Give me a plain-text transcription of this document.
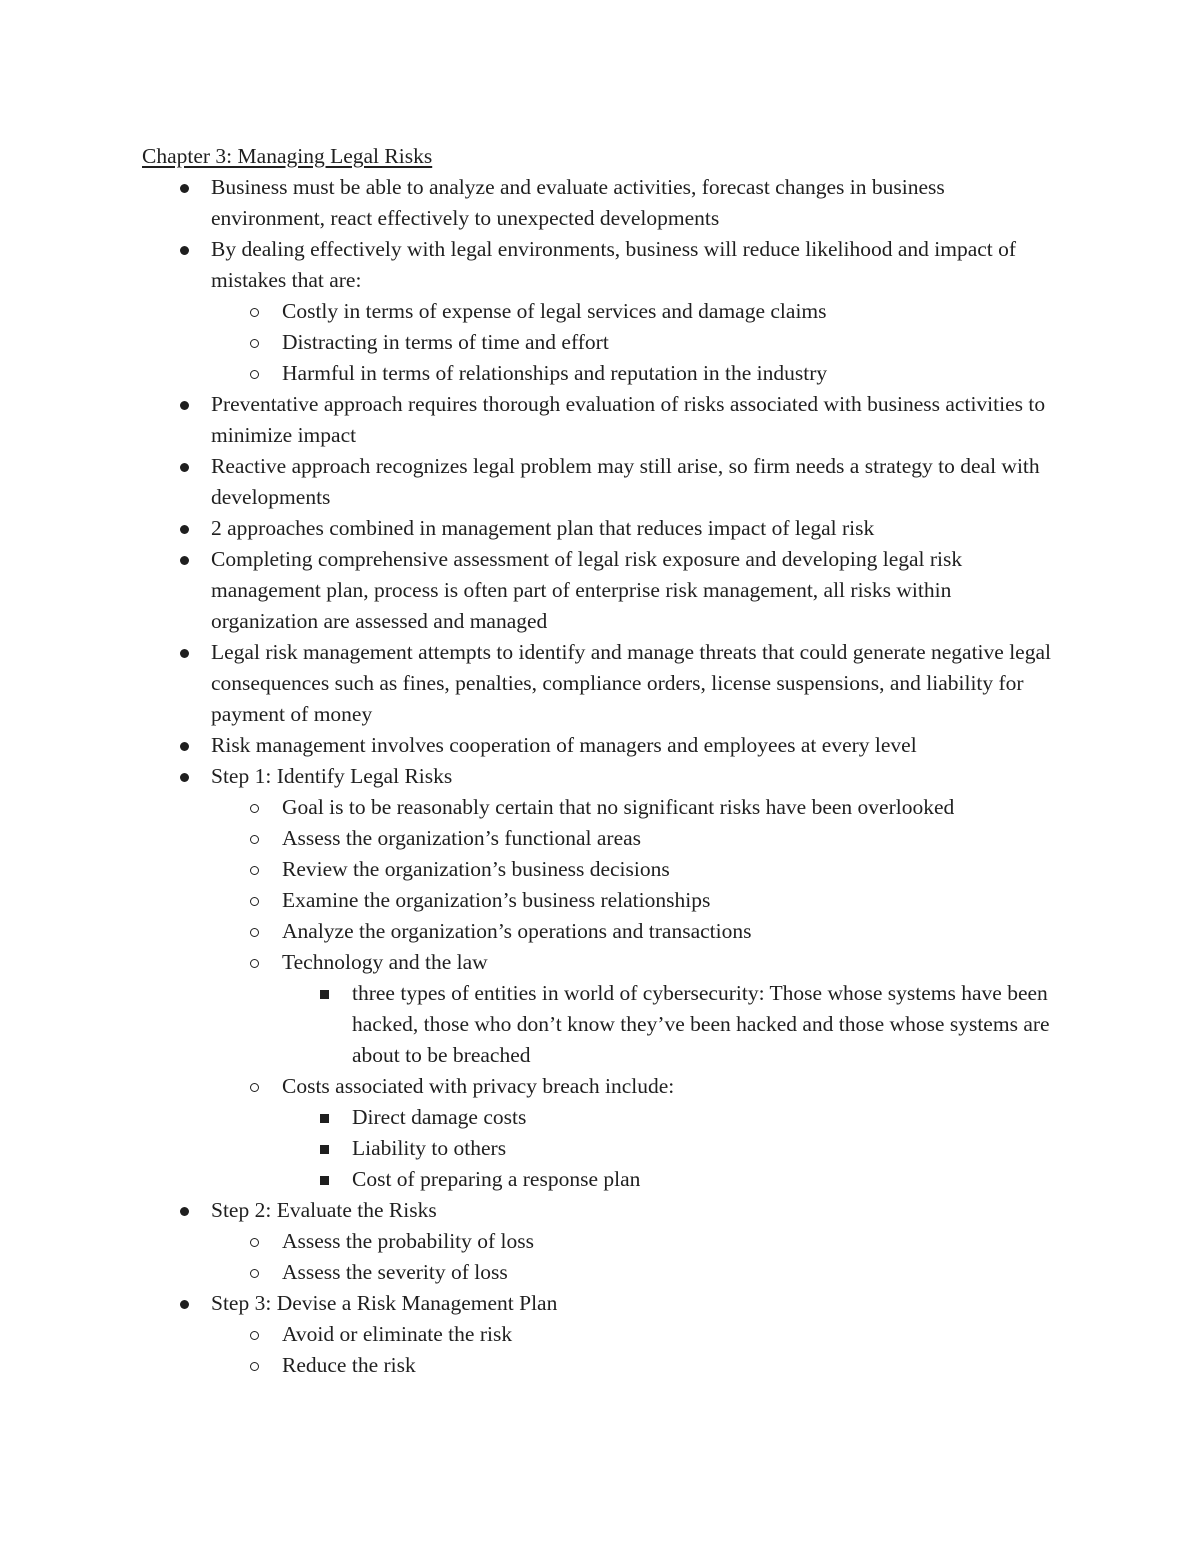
Chapter 3: Managing Legal Risks
Business must be able to analyze and evaluate activities, forecast changes in business environment, react effectively to unexpected developments
By dealing effectively with legal environments, business will reduce likelihood and impact of mistakes that are:
Costly in terms of expense of legal services and damage claims
Distracting in terms of time and effort
Harmful in terms of relationships and reputation in the industry
Preventative approach requires thorough evaluation of risks associated with business activities to minimize impact
Reactive approach recognizes legal problem may still arise, so firm needs a strategy to deal with developments
2 approaches combined in management plan that reduces impact of legal risk
Completing comprehensive assessment of legal risk exposure and developing legal risk management plan, process is often part of enterprise risk management, all risks within organization are assessed and managed
Legal risk management attempts to identify and manage threats that could generate negative legal consequences such as fines, penalties, compliance orders, license suspensions, and liability for payment of money
Risk management involves cooperation of managers and employees at every level
Step 1: Identify Legal Risks
Goal is to be reasonably certain that no significant risks have been overlooked
Assess the organization’s functional areas
Review the organization’s business decisions
Examine the organization’s business relationships
Analyze the organization’s operations and transactions
Technology and the law
three types of entities in world of cybersecurity: Those whose systems have been hacked, those who don’t know they’ve been hacked and those whose systems are about to be breached
Costs associated with privacy breach include:
Direct damage costs
Liability to others
Cost of preparing a response plan
Step 2: Evaluate the Risks
Assess the probability of loss
Assess the severity of loss
Step 3: Devise a Risk Management Plan
Avoid or eliminate the risk
Reduce the risk
